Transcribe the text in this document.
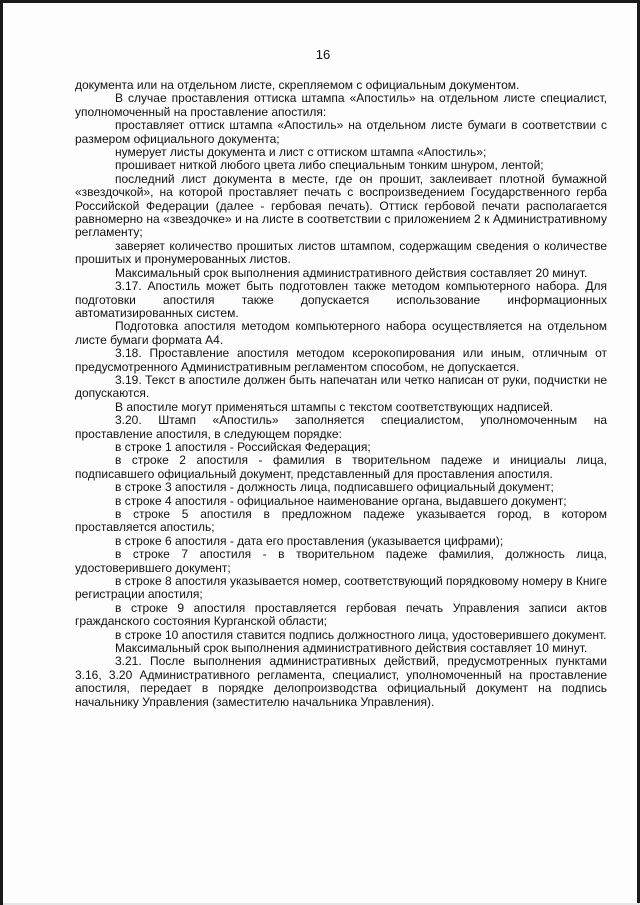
16

документа или на отдельном листе, скрепляемом с официальным документом.

В случае проставления оттиска штампа «Апостиль» на отдельном листе специалист, уполномоченный на проставление апостиля:

проставляет оттиск штампа «Апостиль» на отдельном листе бумаги в соответствии с размером официального документа;

нумерует листы документа и лист с оттиском штампа «Апостиль»;

прошивает ниткой любого цвета либо специальным тонким шнуром, лентой;

последний лист документа в месте, где он прошит, заклеивает плотной бумажной «звездочкой», на которой проставляет печать с воспроизведением Государственного герба Российской Федерации (далее - гербовая печать). Оттиск гербовой печати располагается равномерно на «звездочке» и на листе в соответствии с приложением 2 к Административному регламенту;

заверяет количество прошитых листов штампом, содержащим сведения о количестве прошитых и пронумерованных листов.

Максимальный срок выполнения административного действия составляет 20 минут.

3.17. Апостиль может быть подготовлен также методом компьютерного набора. Для подготовки апостиля также допускается использование информационных автоматизированных систем.

Подготовка апостиля методом компьютерного набора осуществляется на отдельном листе бумаги формата А4.

3.18. Проставление апостиля методом ксерокопирования или иным, отличным от предусмотренного Административным регламентом способом, не допускается.

3.19. Текст в апостиле должен быть напечатан или четко написан от руки, подчистки не допускаются.

В апостиле могут применяться штампы с текстом соответствующих надписей.

3.20. Штамп «Апостиль» заполняется специалистом, уполномоченным на проставление апостиля, в следующем порядке:

в строке 1 апостиля - Российская Федерация;

в строке 2 апостиля - фамилия в творительном падеже и инициалы лица, подписавшего официальный документ, представленный для проставления апостиля.

в строке 3 апостиля - должность лица, подписавшего официальный документ;

в строке 4 апостиля - официальное наименование органа, выдавшего документ;

в строке 5 апостиля в предложном падеже указывается город, в котором проставляется апостиль;

в строке 6 апостиля - дата его проставления (указывается цифрами);

в строке 7 апостиля - в творительном падеже фамилия, должность лица, удостоверившего документ;

в строке 8 апостиля указывается номер, соответствующий порядковому номеру в Книге регистрации апостиля;

в строке 9 апостиля проставляется гербовая печать Управления записи актов гражданского состояния Курганской области;

в строке 10 апостиля ставится подпись должностного лица, удостоверившего документ.

Максимальный срок выполнения административного действия составляет 10 минут.

3.21. После выполнения административных действий, предусмотренных пунктами 3.16, 3.20 Административного регламента, специалист, уполномоченный на проставление апостиля, передает в порядке делопроизводства официальный документ на подпись начальнику Управления (заместителю начальника Управления).
